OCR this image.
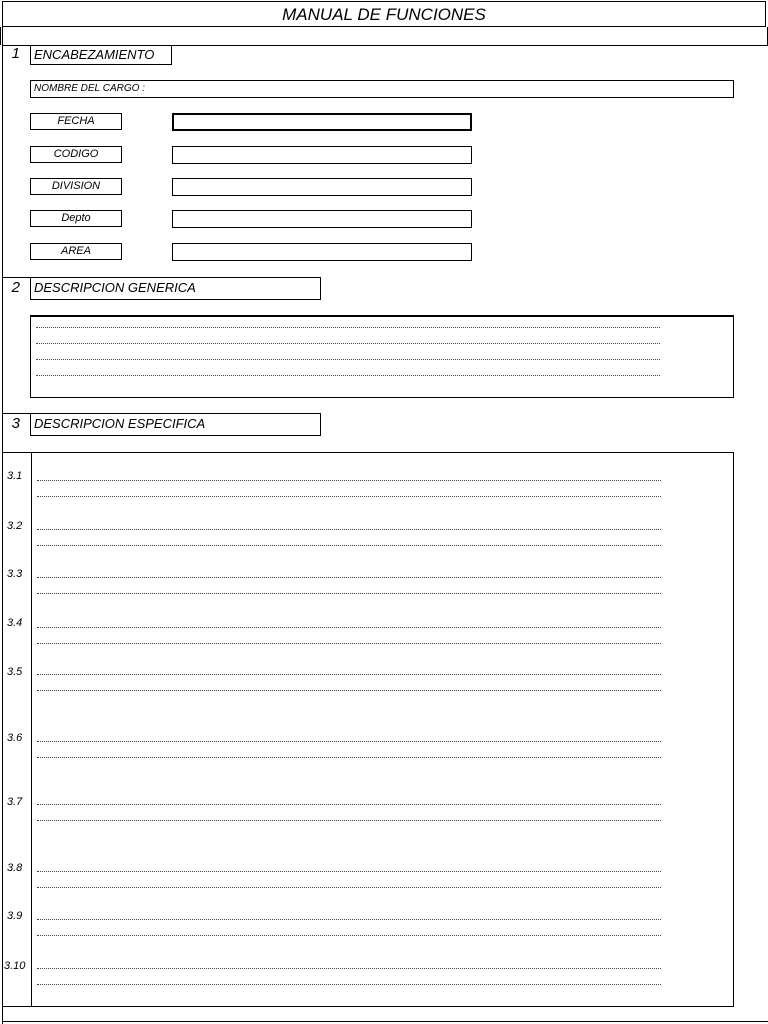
MANUAL DE FUNCIONES
1	ENCABEZAMIENTO
NOMBRE DEL CARGO :
FECHA
CODIGO
DIVISION
Depto
AREA
2	DESCRIPCION GENERICA
3	DESCRIPCION ESPECIFICA
3.1
3.2
3.3
3.4
3.5
3.6
3.7
3.8
3.9
3.10
